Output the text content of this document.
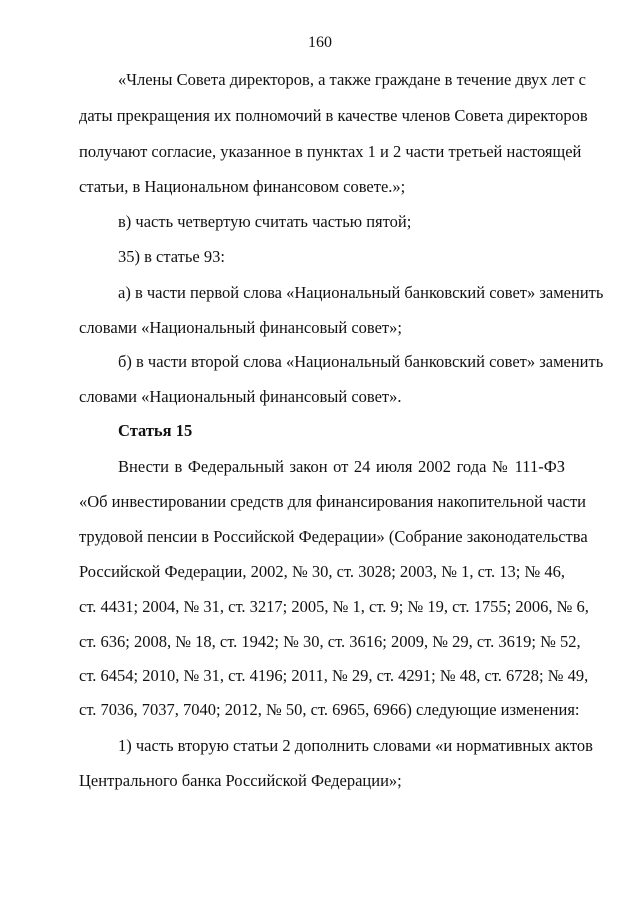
160
«Члены Совета директоров, а также граждане в течение двух лет с
даты прекращения их полномочий в качестве членов Совета директоров
получают согласие, указанное в пунктах 1 и 2 части третьей настоящей
статьи, в Национальном финансовом совете.»;
в) часть четвертую считать частью пятой;
35) в статье 93:
а) в части первой слова «Национальный банковский совет» заменить
словами «Национальный финансовый совет»;
б) в части второй слова «Национальный банковский совет» заменить
словами «Национальный финансовый совет».
Статья 15
Внести в Федеральный закон от 24 июля 2002 года № 111-ФЗ
«Об инвестировании средств для финансирования накопительной части
трудовой пенсии в Российской Федерации» (Собрание законодательства
Российской Федерации, 2002, № 30, ст. 3028; 2003, № 1, ст. 13; № 46,
ст. 4431; 2004, № 31, ст. 3217; 2005, № 1, ст. 9; № 19, ст. 1755; 2006, № 6,
ст. 636; 2008, № 18, ст. 1942; № 30, ст. 3616; 2009, № 29, ст. 3619; № 52,
ст. 6454; 2010, № 31, ст. 4196; 2011, № 29, ст. 4291; № 48, ст. 6728; № 49,
ст. 7036, 7037, 7040; 2012, № 50, ст. 6965, 6966) следующие изменения:
1) часть вторую статьи 2 дополнить словами «и нормативных актов
Центрального банка Российской Федерации»;
